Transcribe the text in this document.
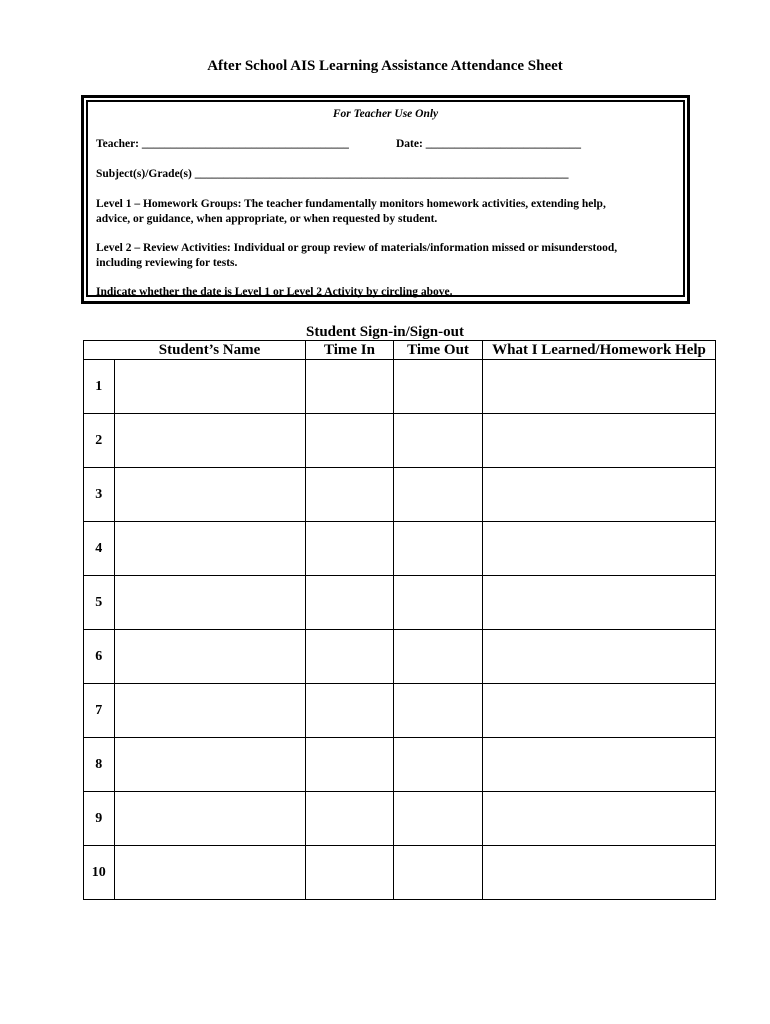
After School AIS Learning Assistance Attendance Sheet
For Teacher Use Only
Teacher: ____________________________________	Date: ___________________________
Subject(s)/Grade(s) _________________________________________________________________
Level 1 – Homework Groups: The teacher fundamentally monitors homework activities, extending help,
advice, or guidance, when appropriate, or when requested by student.
Level 2 – Review Activities: Individual or group review of materials/information missed or misunderstood,
including reviewing for tests.
Indicate whether the date is Level 1 or Level 2 Activity by circling above.
Student Sign-in/Sign-out
	Student’s Name	Time In	Time Out	What I Learned/Homework Help
1				
2				
3				
4				
5				
6				
7				
8				
9				
10				
